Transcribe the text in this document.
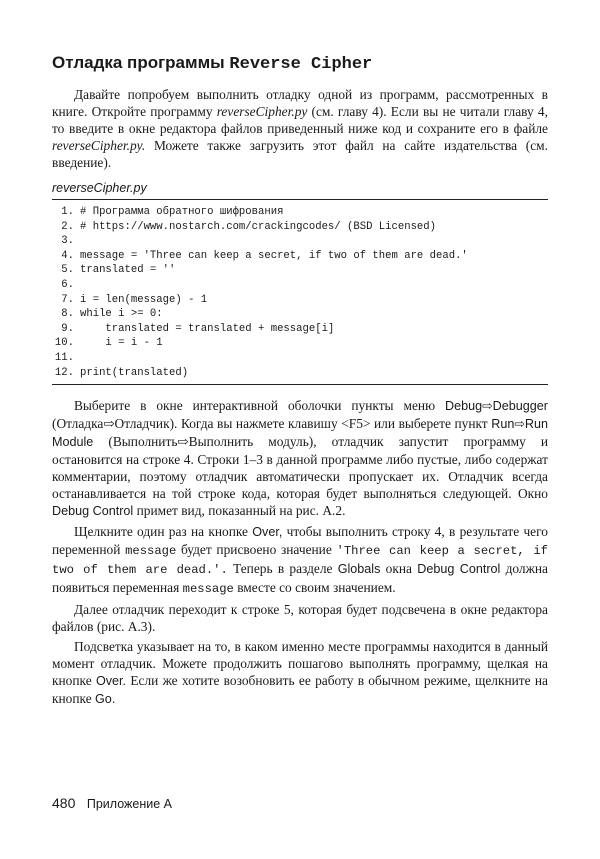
Отладка программы Reverse Cipher

Давайте попробуем выполнить отладку одной из программ, рассмотренных в книге. Откройте программу reverseCipher.py (см. главу 4). Если вы не читали главу 4, то введите в окне редактора файлов приведенный ниже код и сохраните его в файле reverseCipher.py. Можете также загрузить этот файл на сайте издательства (см. введение).

reverseCipher.py
1. # Программа обратного шифрования
2. # https://www.nostarch.com/crackingcodes/ (BSD Licensed)
3.
4. message = 'Three can keep a secret, if two of them are dead.'
5. translated = ''
6.
7. i = len(message) - 1
8. while i >= 0:
9.    translated = translated + message[i]
10.    i = i - 1
11.
12. print(translated)

Выберите в окне интерактивной оболочки пункты меню Debug⇨Debugger (Отладка⇨Отладчик). Когда вы нажмете клавишу <F5> или выберете пункт Run⇨Run Module (Выполнить⇨Выполнить модуль), отладчик запустит программу и остановится на строке 4. Строки 1–3 в данной программе либо пустые, либо содержат комментарии, поэтому отладчик автоматически пропускает их. Отладчик всегда останавливается на той строке кода, которая будет выполняться следующей. Окно Debug Control примет вид, показанный на рис. А.2.

Щелкните один раз на кнопке Over, чтобы выполнить строку 4, в результате чего переменной message будет присвоено значение 'Three can keep a secret, if two of them are dead.'. Теперь в разделе Globals окна Debug Control должна появиться переменная message вместе со своим значением.

Далее отладчик переходит к строке 5, которая будет подсвечена в окне редактора файлов (рис. А.3).

Подсветка указывает на то, в каком именно месте программы находится в данный момент отладчик. Можете продолжить пошагово выполнять программу, щелкая на кнопке Over. Если же хотите возобновить ее работу в обычном режиме, щелкните на кнопке Go.

480 Приложение А
